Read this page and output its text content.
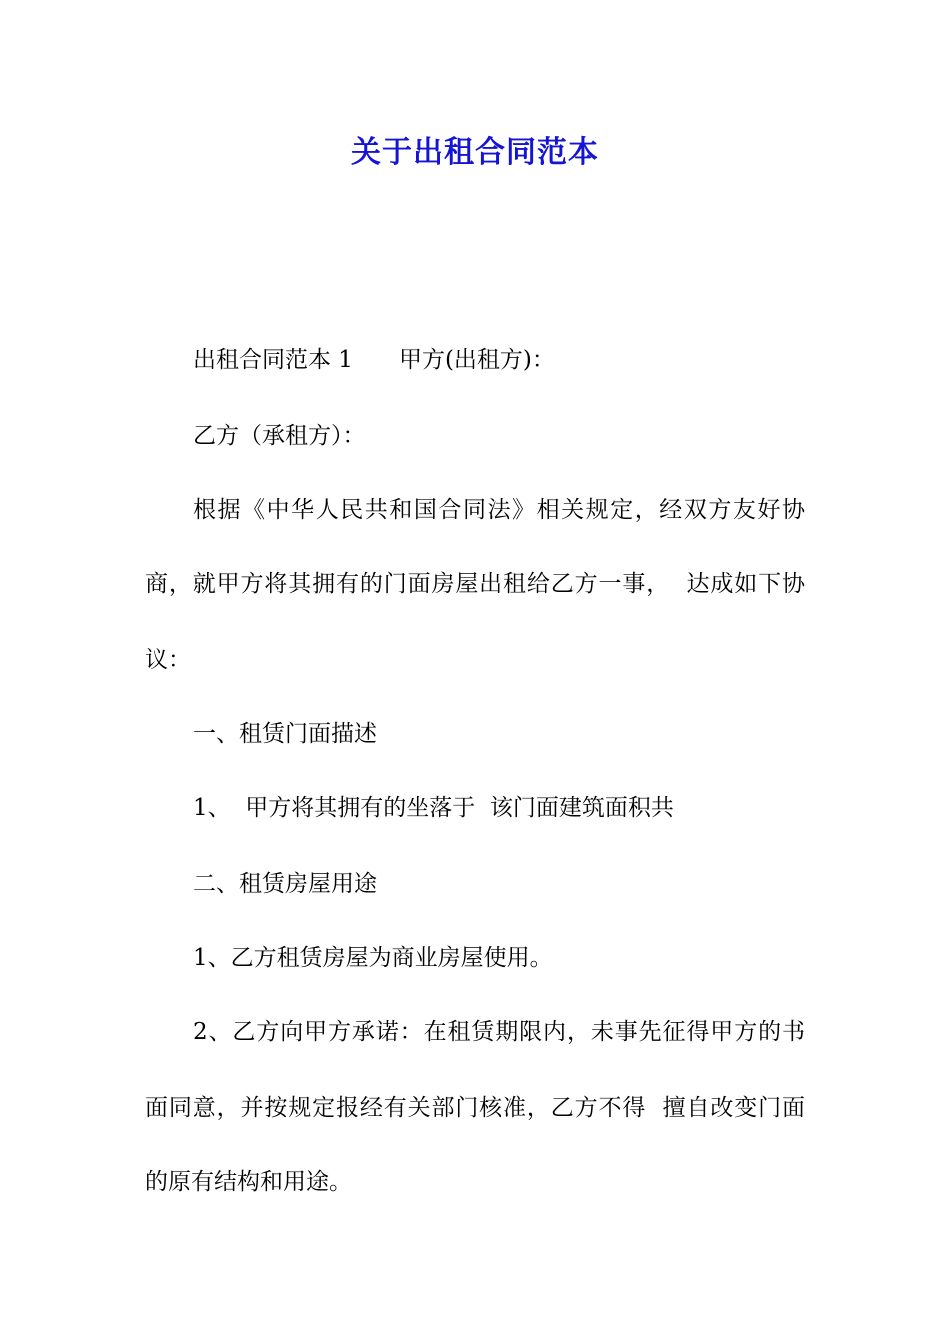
关于出租合同范本
出租合同范本 1　　甲方(出租方)：
乙方（承租方）：
根据《中华人民共和国合同法》相关规定，经双方友好协
商，就甲方将其拥有的门面房屋出租给乙方一事，  达成如下协
议：
一、租赁门面描述
1、  甲方将其拥有的坐落于  该门面建筑面积共
二、租赁房屋用途
1、乙方租赁房屋为商业房屋使用。
2、乙方向甲方承诺：在租赁期限内，未事先征得甲方的书
面同意，并按规定报经有关部门核准，乙方不得  擅自改变门面
的原有结构和用途。
